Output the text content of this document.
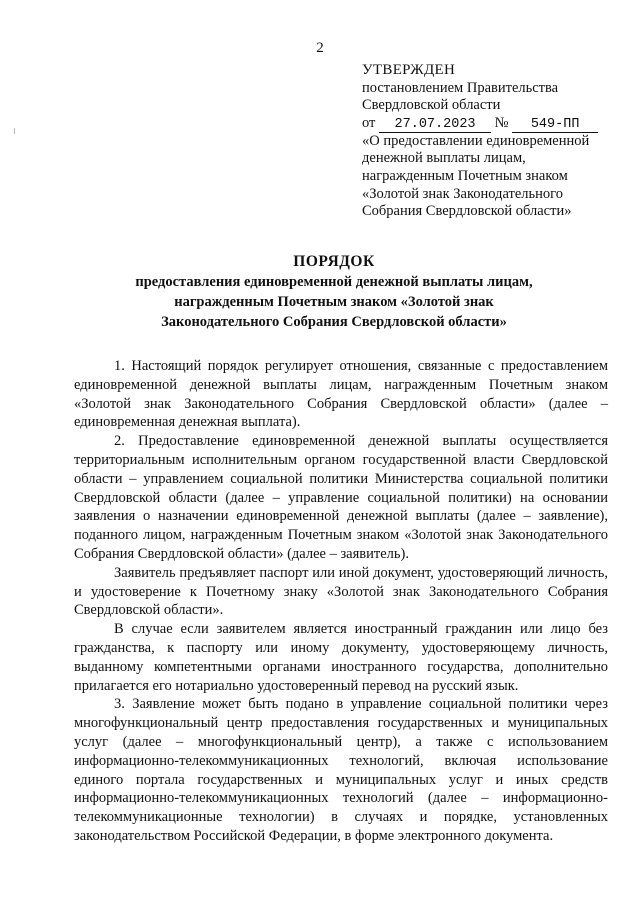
2
УТВЕРЖДЕН
постановлением Правительства
Свердловской области
от 27.07.2023 № 549-ПП
«О предоставлении единовременной
денежной выплаты лицам,
награжденным Почетным знаком
«Золотой знак Законодательного
Собрания Свердловской области»
ПОРЯДОК
предоставления единовременной денежной выплаты лицам,
награжденным Почетным знаком «Золотой знак
Законодательного Собрания Свердловской области»

1. Настоящий порядок регулирует отношения, связанные с предоставлением единовременной денежной выплаты лицам, награжденным Почетным знаком «Золотой знак Законодательного Собрания Свердловской области» (далее – единовременная денежная выплата).

2. Предоставление единовременной денежной выплаты осуществляется территориальным исполнительным органом государственной власти Свердловской области – управлением социальной политики Министерства социальной политики Свердловской области (далее – управление социальной политики) на основании заявления о назначении единовременной денежной выплаты (далее – заявление), поданного лицом, награжденным Почетным знаком «Золотой знак Законодательного Собрания Свердловской области» (далее – заявитель).

Заявитель предъявляет паспорт или иной документ, удостоверяющий личность, и удостоверение к Почетному знаку «Золотой знак Законодательного Собрания Свердловской области».

В случае если заявителем является иностранный гражданин или лицо без гражданства, к паспорту или иному документу, удостоверяющему личность, выданному компетентными органами иностранного государства, дополнительно прилагается его нотариально удостоверенный перевод на русский язык.

3. Заявление может быть подано в управление социальной политики через многофункциональный центр предоставления государственных и муниципальных услуг (далее – многофункциональный центр), а также с использованием информационно-телекоммуникационных технологий, включая использование единого портала государственных и муниципальных услуг и иных средств информационно-телекоммуникационных технологий (далее – информационно-телекоммуникационные технологии) в случаях и порядке, установленных законодательством Российской Федерации, в форме электронного документа.
